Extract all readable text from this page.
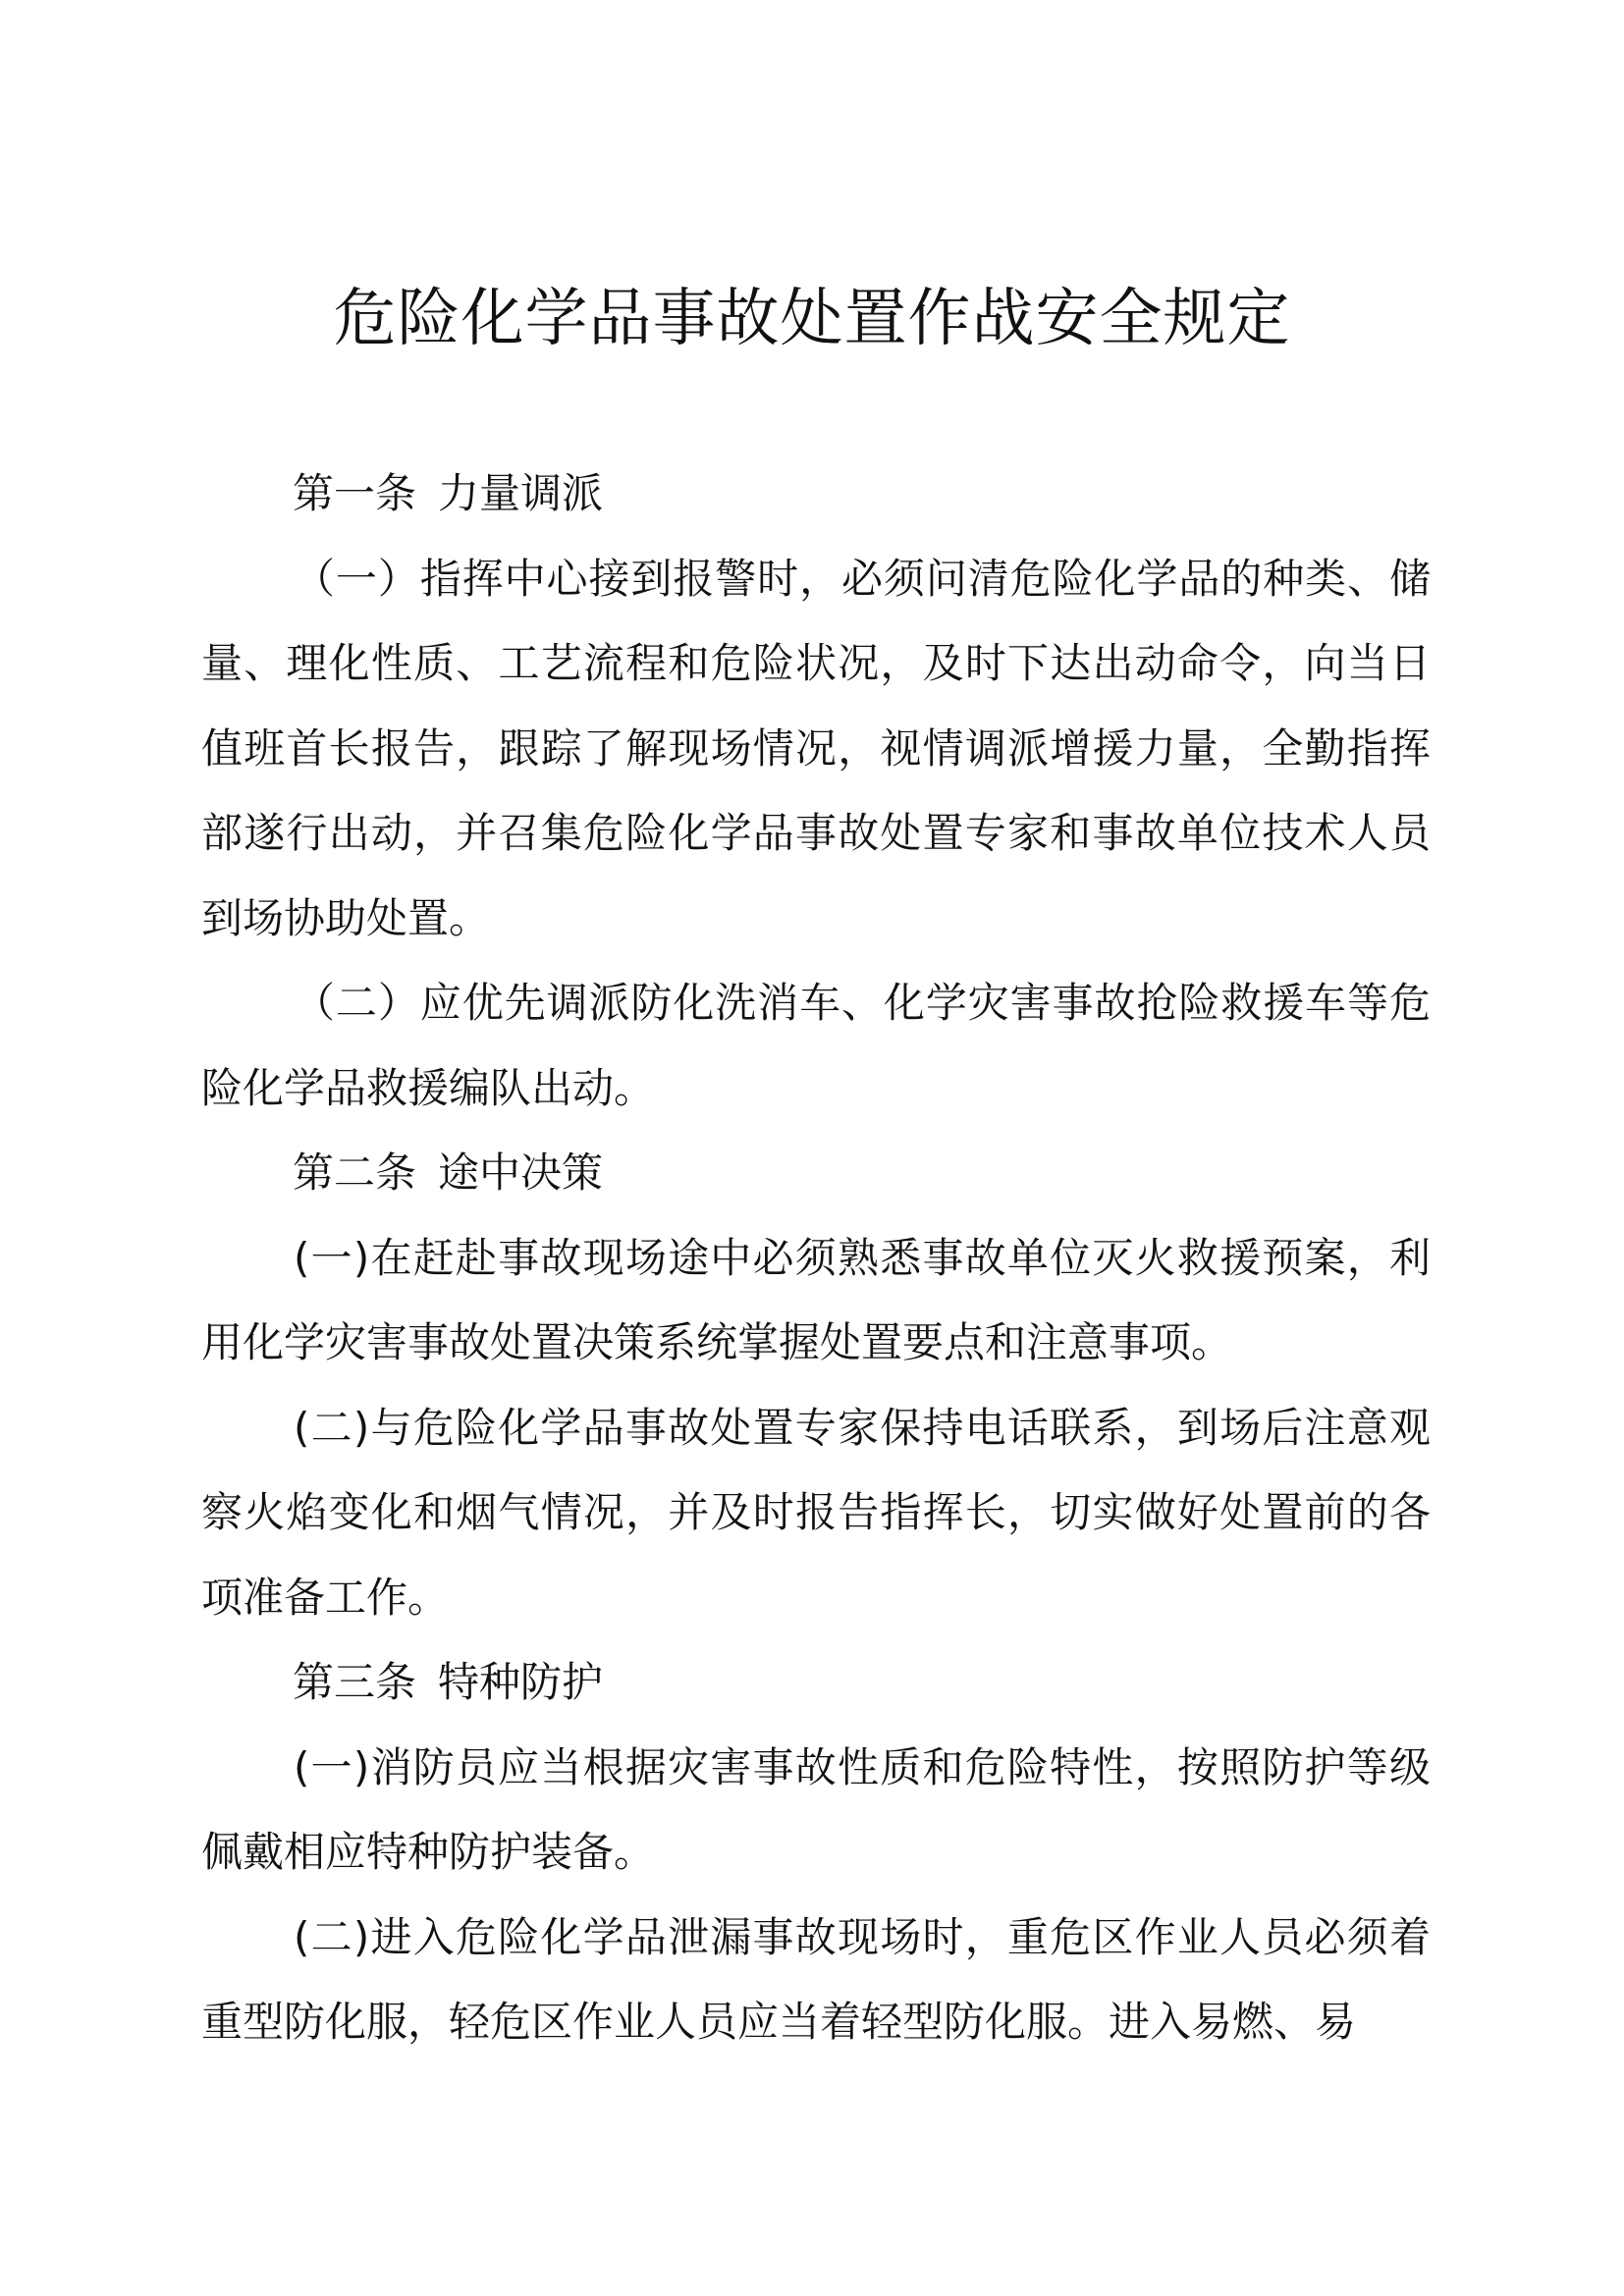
危险化学品事故处置作战安全规定

第一条 力量调派

（一）指挥中心接到报警时，必须问清危险化学品的种类、储量、理化性质、工艺流程和危险状况，及时下达出动命令，向当日值班首长报告，跟踪了解现场情况，视情调派增援力量，全勤指挥部遂行出动，并召集危险化学品事故处置专家和事故单位技术人员到场协助处置。

（二）应优先调派防化洗消车、化学灾害事故抢险救援车等危险化学品救援编队出动。

第二条 途中决策

(一)在赶赴事故现场途中必须熟悉事故单位灭火救援预案，利用化学灾害事故处置决策系统掌握处置要点和注意事项。

(二)与危险化学品事故处置专家保持电话联系，到场后注意观察火焰变化和烟气情况，并及时报告指挥长，切实做好处置前的各项准备工作。

第三条 特种防护

(一)消防员应当根据灾害事故性质和危险特性，按照防护等级佩戴相应特种防护装备。

(二)进入危险化学品泄漏事故现场时，重危区作业人员必须着重型防化服，轻危区作业人员应当着轻型防化服。进入易燃、易
